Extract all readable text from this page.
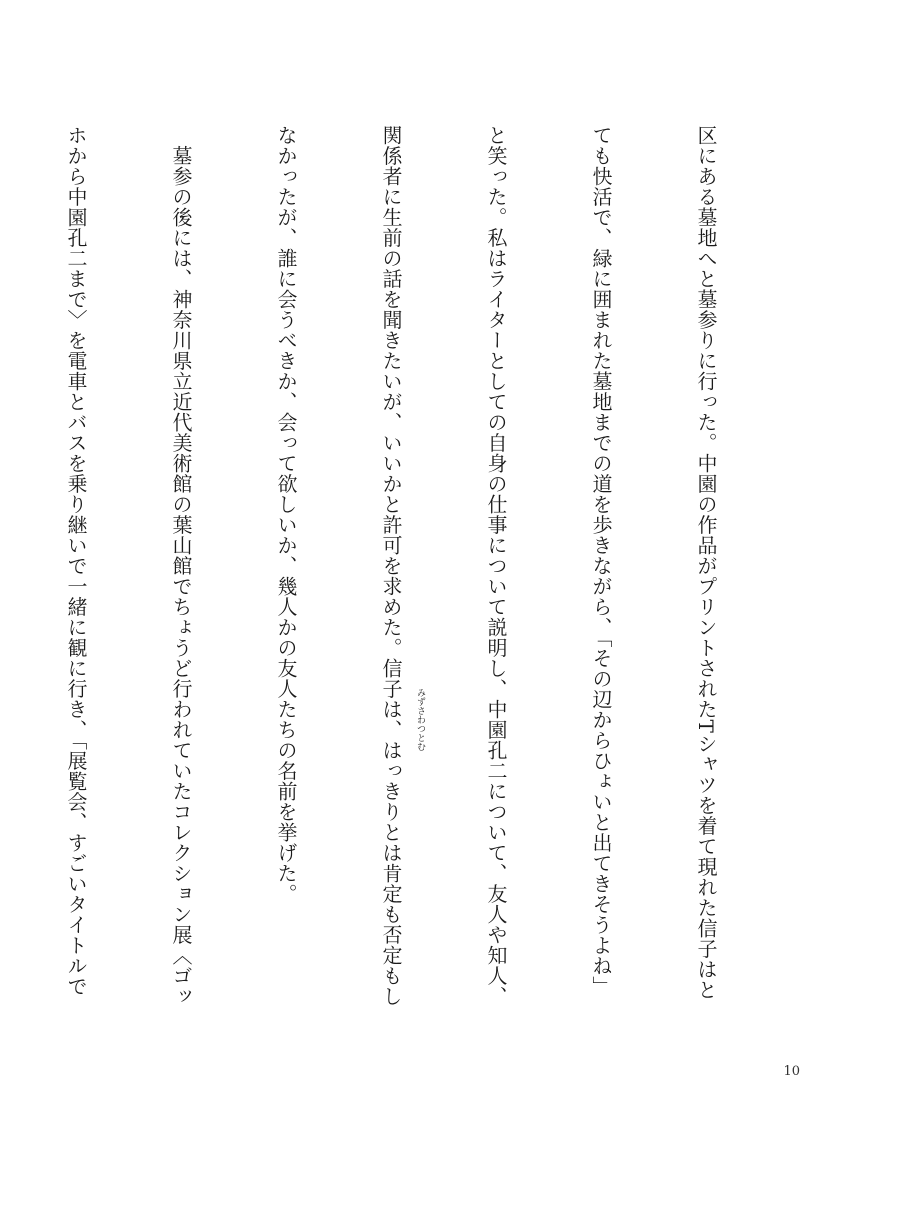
区にある墓地へと墓参りに行った。中園の作品がプリントされたTシャツを着て現れた信子はと

ても快活で、緑に囲まれた墓地までの道を歩きながら、「その辺からひょいと出てきそうよね」

と笑った。私はライターとしての自身の仕事について説明し、中園孔二について、友人や知人、

関係者に生前の話を聞きたいが、いいかと許可を求めた。信子は、はっきりとは肯定も否定もし

なかったが、誰に会うべきか、会って欲しいか、幾人かの友人たちの名前を挙げた。

　墓参の後には、神奈川県立近代美術館の葉山館でちょうど行われていたコレクション展〈ゴッ

ホから中園孔二まで〉を電車とバスを乗り継いで一緒に観に行き、「展覧会、すごいタイトルで

	みずさわつとむ
10
